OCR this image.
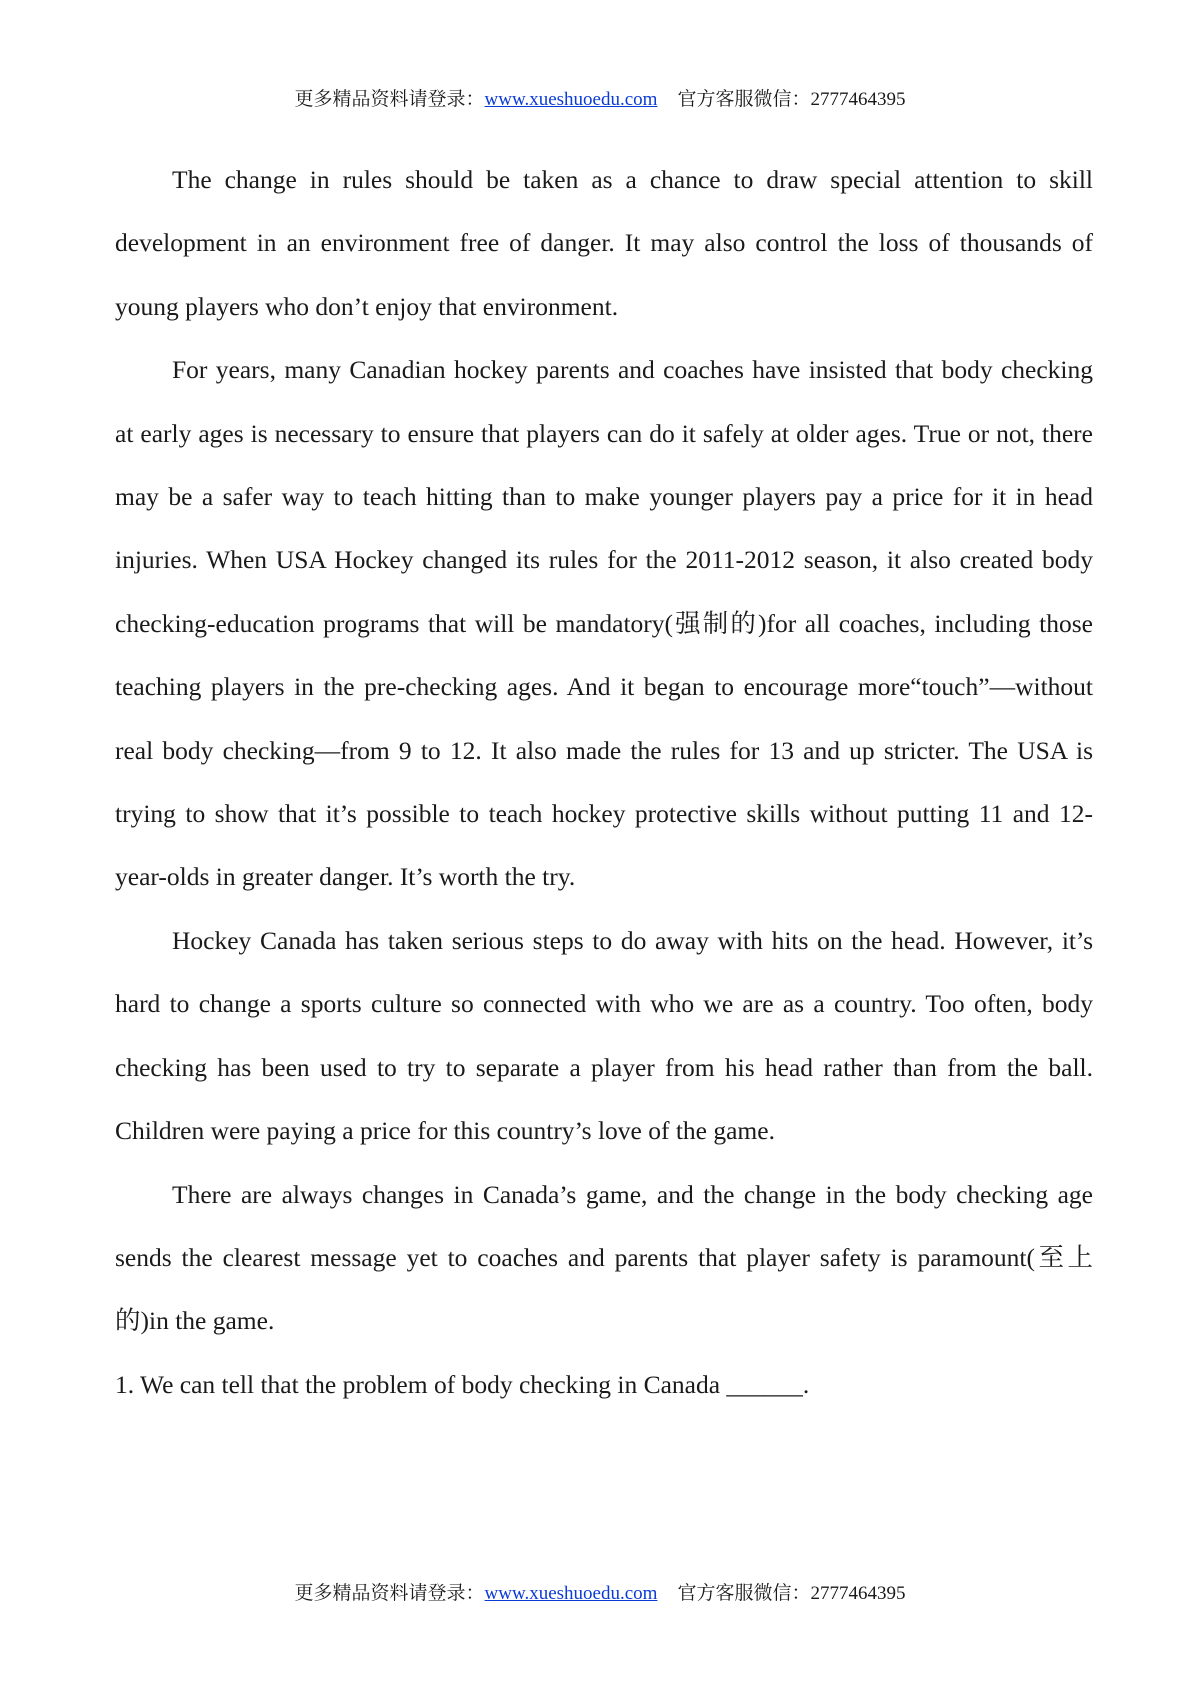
更多精品资料请登录：www.xueshuoedu.com 官方客服微信：2777464395

The change in rules should be taken as a chance to draw special attention to skill development in an environment free of danger. It may also control the loss of thousands of young players who don’t enjoy that environment.

For years, many Canadian hockey parents and coaches have insisted that body checking at early ages is necessary to ensure that players can do it safely at older ages. True or not, there may be a safer way to teach hitting than to make younger players pay a price for it in head injuries. When USA Hockey changed its rules for the 2011-2012 season, it also created body checking-education programs that will be mandatory(强制的)for all coaches, including those teaching players in the pre-checking ages. And it began to encourage more“touch”—without real body checking—from 9 to 12. It also made the rules for 13 and up stricter. The USA is trying to show that it’s possible to teach hockey protective skills without putting 11 and 12-year-olds in greater danger. It’s worth the try.

Hockey Canada has taken serious steps to do away with hits on the head. However, it’s hard to change a sports culture so connected with who we are as a country. Too often, body checking has been used to try to separate a player from his head rather than from the ball. Children were paying a price for this country’s love of the game.

There are always changes in Canada’s game, and the change in the body checking age sends the clearest message yet to coaches and parents that player safety is paramount(至上的)in the game.

1. We can tell that the problem of body checking in Canada ______.

更多精品资料请登录：www.xueshuoedu.com 官方客服微信：2777464395
